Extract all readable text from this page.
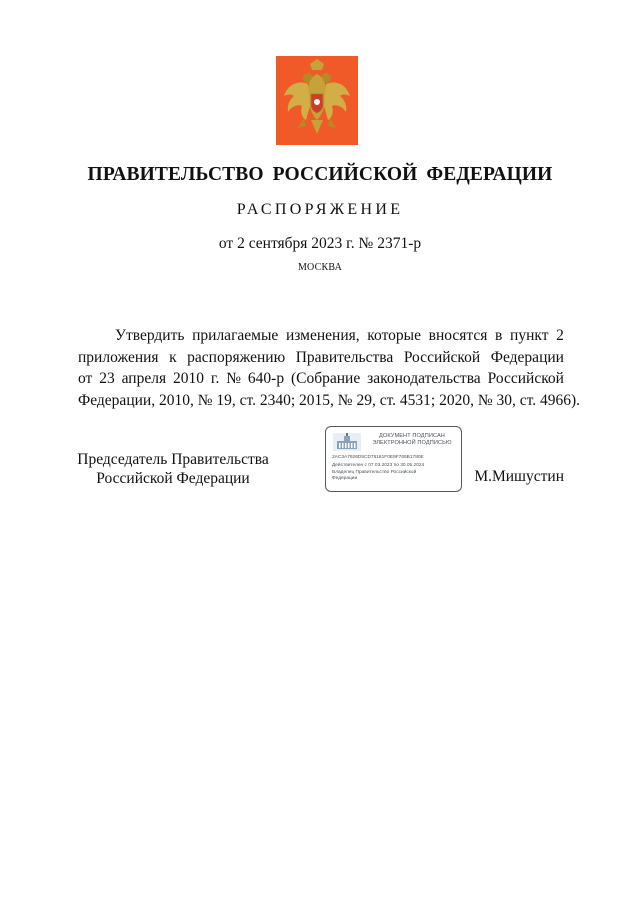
ПРАВИТЕЛЬСТВО РОССИЙСКОЙ ФЕДЕРАЦИИ
РАСПОРЯЖЕНИЕ
от 2 сентября 2023 г. № 2371-р
МОСКВА
Утвердить прилагаемые изменения, которые вносятся в пункт 2
приложения к распоряжению Правительства Российской Федерации
от 23 апреля 2010 г. № 640-р (Собрание законодательства Российской
Федерации, 2010, № 19, ст. 2340; 2015, № 29, ст. 4531; 2020, № 30, ст. 4966).
Председатель Правительства
Российской Федерации
ДОКУМЕНТ ПОДПИСАН
ЭЛЕКТРОННОЙ ПОДПИСЬЮ
2AC3A7926D5CD76181F0E9F765B1780E
Действителен с 07.03.2023 по 30.05.2024
Владелец Правительство Российской
Федерации	М.Мишустин
